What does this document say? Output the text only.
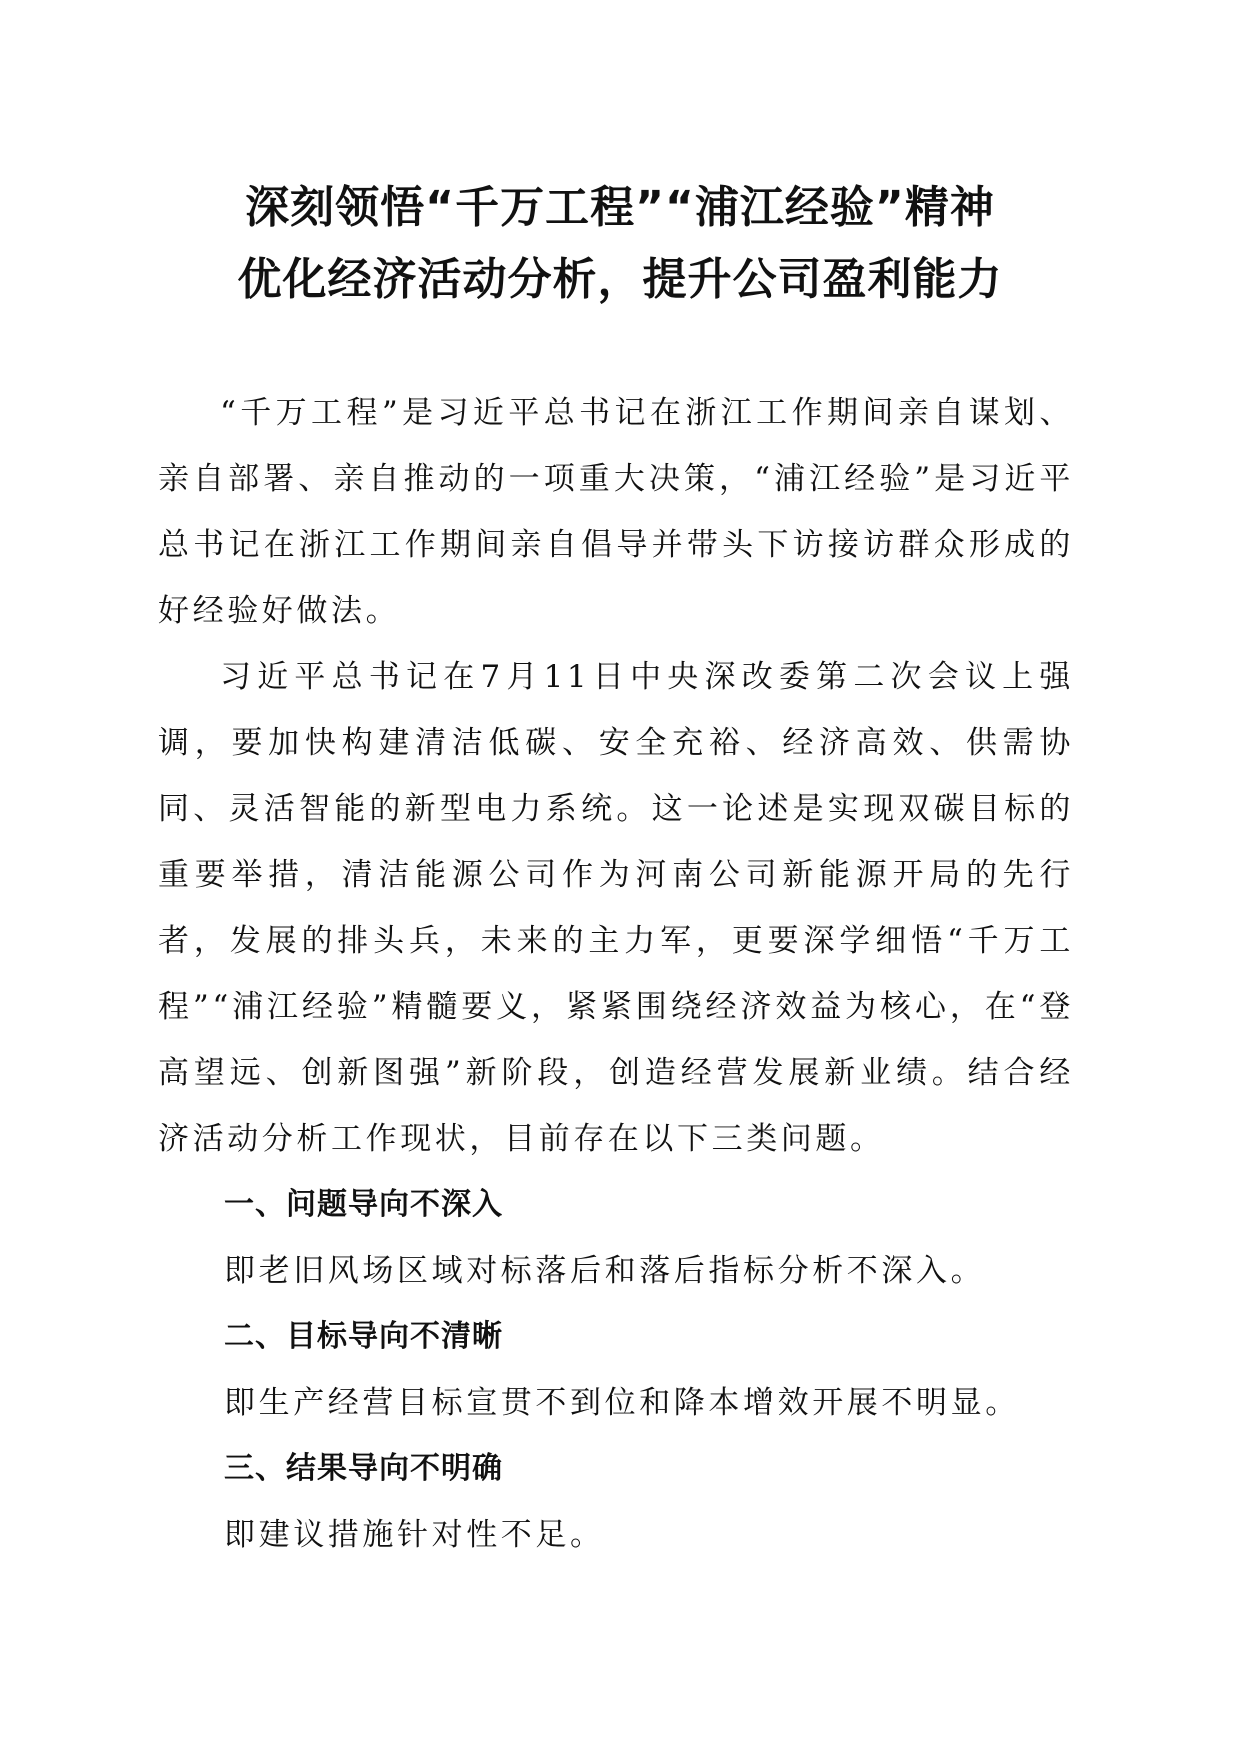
深刻领悟“千万工程”“浦江经验”精神
优化经济活动分析，提升公司盈利能力

“千万工程”是习近平总书记在浙江工作期间亲自谋划、亲自部署、亲自推动的一项重大决策，“浦江经验”是习近平总书记在浙江工作期间亲自倡导并带头下访接访群众形成的好经验好做法。

习近平总书记在7月11日中央深改委第二次会议上强调，要加快构建清洁低碳、安全充裕、经济高效、供需协同、灵活智能的新型电力系统。这一论述是实现双碳目标的重要举措，清洁能源公司作为河南公司新能源开局的先行者，发展的排头兵，未来的主力军，更要深学细悟“千万工程”“浦江经验”精髓要义，紧紧围绕经济效益为核心，在“登高望远、创新图强”新阶段，创造经营发展新业绩。结合经济活动分析工作现状，目前存在以下三类问题。

一、问题导向不深入

即老旧风场区域对标落后和落后指标分析不深入。

二、目标导向不清晰

即生产经营目标宣贯不到位和降本增效开展不明显。

三、结果导向不明确

即建议措施针对性不足。
